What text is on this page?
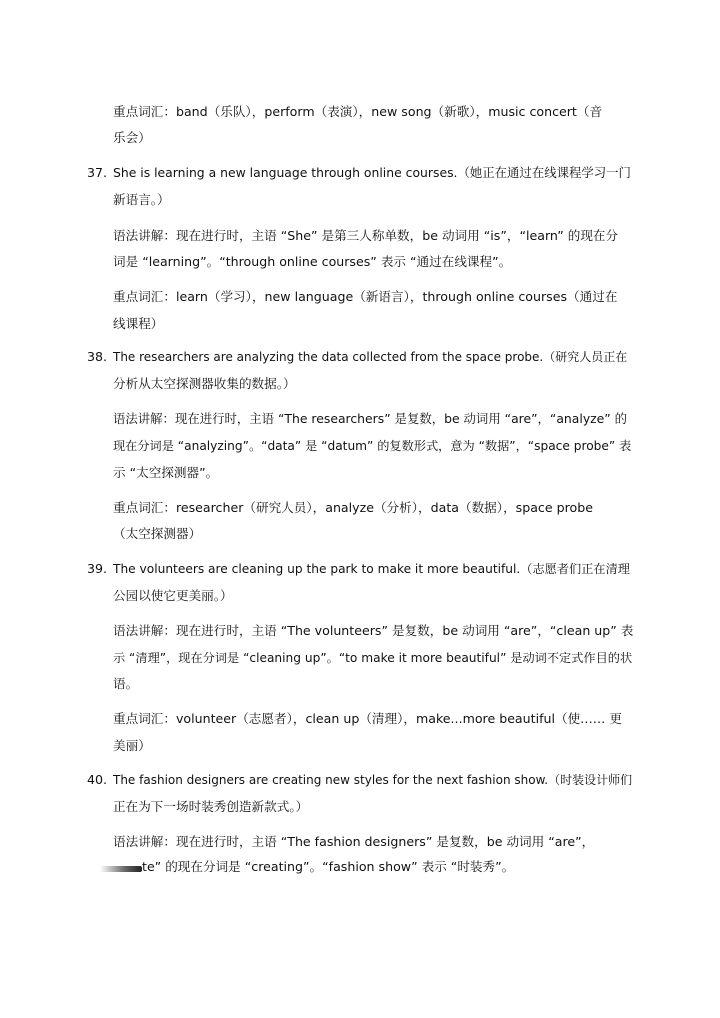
重点词汇：band（乐队），perform（表演），new song（新歌），music concert（音
乐会）
37. She is learning a new language through online courses.（她正在通过在线课程学习一门
新语言。）
语法讲解：现在进行时，主语 “She” 是第三人称单数，be 动词用 “is”，“learn” 的现在分
词是 “learning”。“through online courses” 表示 “通过在线课程”。
重点词汇：learn（学习），new language（新语言），through online courses（通过在
线课程）
38. The researchers are analyzing the data collected from the space probe.（研究人员正在
分析从太空探测器收集的数据。）
语法讲解：现在进行时，主语 “The researchers” 是复数，be 动词用 “are”，“analyze” 的
现在分词是 “analyzing”。“data” 是 “datum” 的复数形式，意为 “数据”，“space probe” 表
示 “太空探测器”。
重点词汇：researcher（研究人员），analyze（分析），data（数据），space probe
（太空探测器）
39. The volunteers are cleaning up the park to make it more beautiful.（志愿者们正在清理
公园以使它更美丽。）
语法讲解：现在进行时，主语 “The volunteers” 是复数，be 动词用 “are”，“clean up” 表
示 “清理”，现在分词是 “cleaning up”。“to make it more beautiful” 是动词不定式作目的状
语。
重点词汇：volunteer（志愿者），clean up（清理），make...more beautiful（使…… 更
美丽）
40. The fashion designers are creating new styles for the next fashion show.（时装设计师们
正在为下一场时装秀创造新款式。）
语法讲解：现在进行时，主语 “The fashion designers” 是复数，be 动词用 “are”，
te” 的现在分词是 “creating”。“fashion show” 表示 “时装秀”。
